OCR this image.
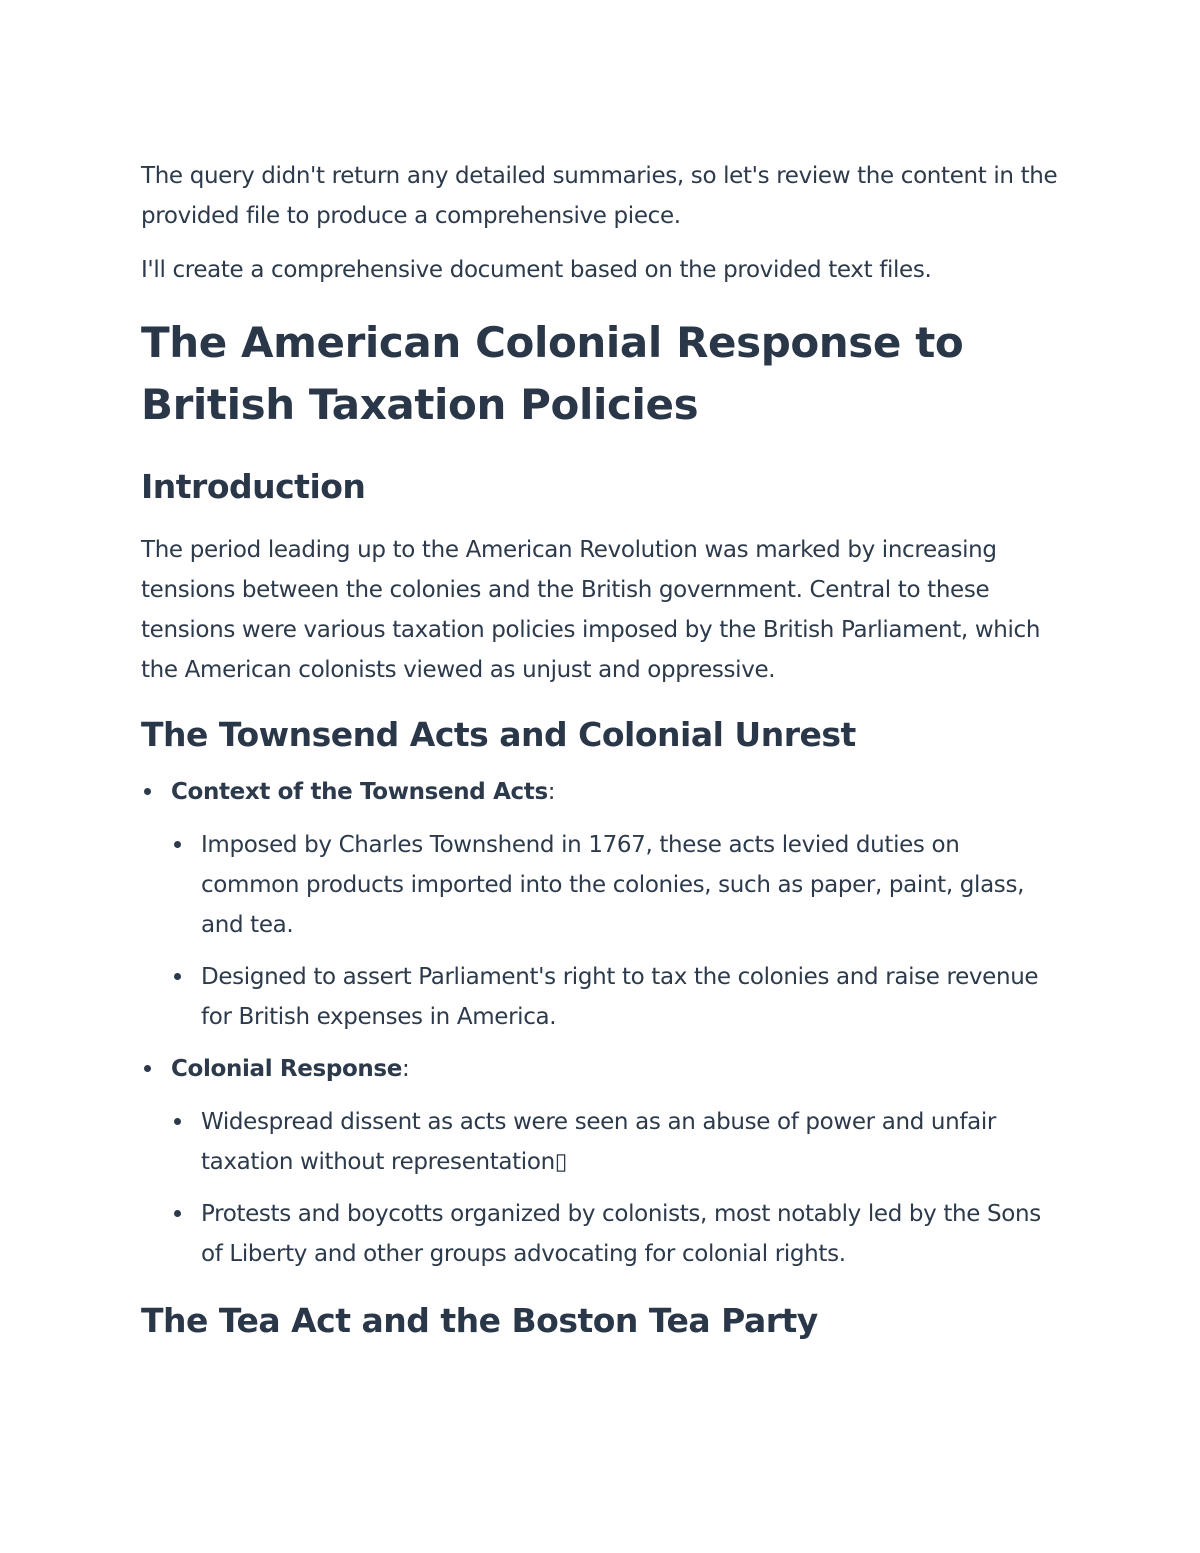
The query didn't return any detailed summaries, so let's review the content in the provided file to produce a comprehensive piece.

I'll create a comprehensive document based on the provided text files.

The American Colonial Response to British Taxation Policies
Introduction

The period leading up to the American Revolution was marked by increasing tensions between the colonies and the British government. Central to these tensions were various taxation policies imposed by the British Parliament, which the American colonists viewed as unjust and oppressive.

The Townsend Acts and Colonial Unrest
Context of the Townsend Acts:
Imposed by Charles Townshend in 1767, these acts levied duties on common products imported into the colonies, such as paper, paint, glass, and tea.
Designed to assert Parliament's right to tax the colonies and raise revenue for British expenses in America.
Colonial Response:
Widespread dissent as acts were seen as an abuse of power and unfair taxation without representation▯
Protests and boycotts organized by colonists, most notably led by the Sons of Liberty and other groups advocating for colonial rights.
The Tea Act and the Boston Tea Party
